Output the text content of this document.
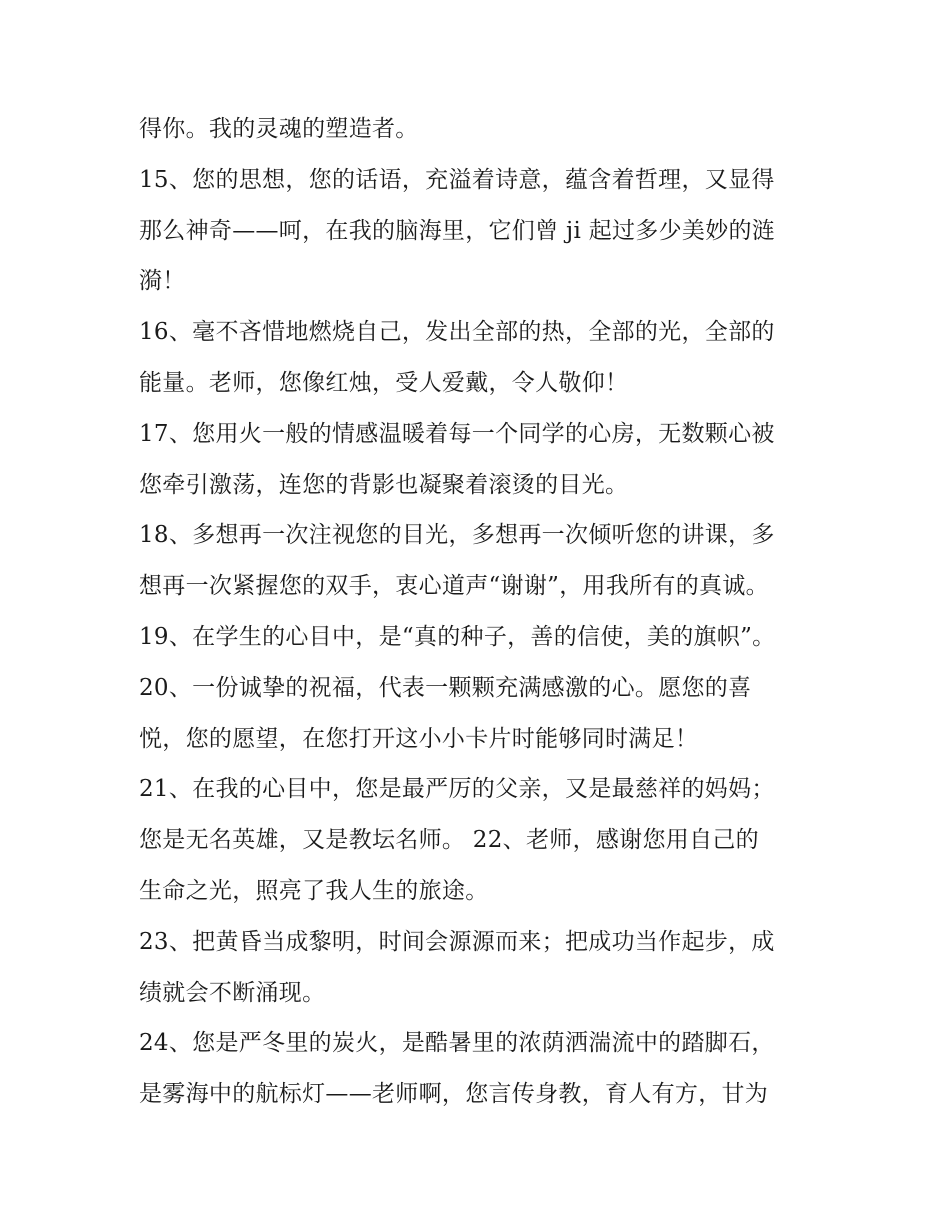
得你。我的灵魂的塑造者。
15、您的思想，您的话语，充溢着诗意，蕴含着哲理，又显得
那么神奇——呵，在我的脑海里，它们曾 ji 起过多少美妙的涟
漪！
16、毫不吝惜地燃烧自己，发出全部的热，全部的光，全部的
能量。老师，您像红烛，受人爱戴，令人敬仰！
17、您用火一般的情感温暖着每一个同学的心房，无数颗心被
您牵引激荡，连您的背影也凝聚着滚烫的目光。
18、多想再一次注视您的目光，多想再一次倾听您的讲课，多
想再一次紧握您的双手，衷心道声“谢谢”，用我所有的真诚。
19、在学生的心目中，是“真的种子，善的信使，美的旗帜”。
20、一份诚挚的祝福，代表一颗颗充满感激的心。愿您的喜
悦，您的愿望，在您打开这小小卡片时能够同时满足！
21、在我的心目中，您是最严厉的父亲，又是最慈祥的妈妈；
您是无名英雄，又是教坛名师。 22、老师，感谢您用自己的
生命之光，照亮了我人生的旅途。
23、把黄昏当成黎明，时间会源源而来；把成功当作起步，成
绩就会不断涌现。
24、您是严冬里的炭火，是酷暑里的浓荫洒湍流中的踏脚石，
是雾海中的航标灯——老师啊，您言传身教，育人有方，甘为
